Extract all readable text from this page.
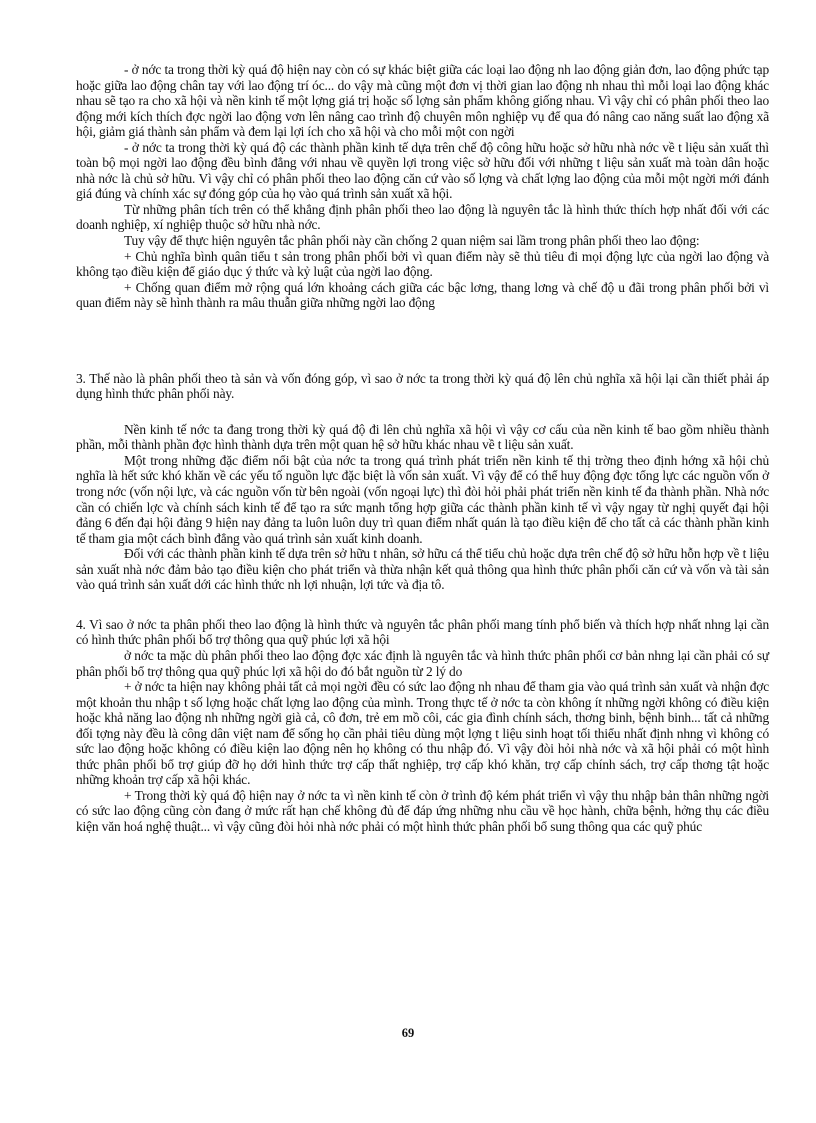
- ở nớc ta trong thời kỳ quá độ hiện nay còn có sự khác biệt giữa các loại lao động nh lao động giản đơn, lao động phức tạp hoặc giữa lao động chân tay với lao động trí óc... do vậy mà cũng một đơn vị thời gian lao động nh nhau thì mỗi loại lao động khác nhau sẽ tạo ra cho xã hội và nền kinh tế một lợng giá trị hoặc số lợng sản phẩm không giống nhau. Vì vậy chỉ có phân phối theo lao động mới kích thích đợc ngời lao động vơn lên nâng cao trình độ chuyên môn nghiệp vụ để qua đó nâng cao năng suất lao động xã hội, giảm giá thành sản phẩm và đem lại lợi ích cho xã hội và cho mỗi một con ngời

- ở nớc ta trong thời kỳ quá độ các thành phần kinh tế dựa trên chế độ công hữu hoặc sở hữu nhà nớc về t liệu sản xuất thì toàn bộ mọi ngời lao động đều bình đẳng với nhau về quyền lợi trong việc sở hữu đối với những t liệu sản xuất mà toàn dân hoặc nhà nớc là chủ sở hữu. Vì vậy chỉ có phân phối theo lao động căn cứ vào số lợng và chất lợng lao động của mỗi một ngời mới đánh giá đúng và chính xác sự đóng góp của họ vào quá trình sản xuất xã hội.

Từ những phân tích trên có thể khẳng định phân phối theo lao động là nguyên tắc là hình thức thích hợp nhất đối với các doanh nghiệp, xí nghiệp thuộc sở hữu nhà nớc.

Tuy vậy để thực hiện nguyên tắc phân phối này cần chống 2 quan niệm sai lầm trong phân phối theo lao động:

+ Chủ nghĩa bình quân tiểu t sản trong phân phối bởi vì quan điểm này sẽ thủ tiêu đi mọi động lực của ngời lao động và không tạo điều kiện để giáo dục ý thức và kỷ luật của ngời lao động.

+ Chống quan điểm mở rộng quá lớn khoảng cách giữa các bậc lơng, thang lơng và chế độ u đãi trong phân phối bởi vì quan điểm này sẽ hình thành ra mâu thuẫn giữa những ngời lao động

3. Thế nào là phân phối theo tà sản và vốn đóng góp, vì sao ở nớc ta trong thời kỳ quá độ lên chủ nghĩa xã hội lại cần thiết phải áp dụng hình thức phân phối này.

Nền kinh tế nớc ta đang trong thời kỳ quá độ đi lên chủ nghĩa xã hội vì vậy cơ cấu của nền kinh tế bao gồm nhiều thành phần, mỗi thành phần đợc hình thành dựa trên một quan hệ sở hữu khác nhau về t liệu sản xuất.

Một trong những đặc điểm nổi bật của nớc ta trong quá trình phát triển nền kinh tế thị trờng theo định hớng xã hội chủ nghĩa là hết sức khó khăn về các yếu tố nguồn lực đặc biệt là vốn sản xuất. Vì vậy để có thể huy động đợc tổng lực các nguồn vốn ở trong nớc (vốn nội lực, và các nguồn vốn từ bên ngoài (vốn ngoại lực) thì đòi hỏi phải phát triển nền kinh tế đa thành phần. Nhà nớc cần có chiến lợc và chính sách kinh tế để tạo ra sức mạnh tổng hợp giữa các thành phần kinh tế vì vậy ngay từ nghị quyết đại hội đảng 6 đến đại hội đảng 9 hiện nay đảng ta luôn luôn duy trì quan điểm nhất quán là tạo điều kiện để cho tất cả các thành phần kinh tế tham gia một cách bình đẳng vào quá trình sản xuất kinh doanh.

Đối với các thành phần kinh tế dựa trên sở hữu t nhân, sở hữu cá thể tiểu chủ hoặc dựa trên chế độ sở hữu hỗn hợp về t liệu sản xuất nhà nớc đảm bảo tạo điều kiện cho phát triển và thừa nhận kết quả thông qua hình thức phân phối căn cứ và vốn và tài sản vào quá trình sản xuất dới các hình thức nh lợi nhuận, lợi tức và địa tô.

4. Vì sao ở nớc ta phân phối theo lao động là hình thức và nguyên tắc phân phối mang tính phổ biến và thích hợp nhất nhng lại cần có hình thức phân phối bổ trợ thông qua quỹ phúc lợi xã hội

ở nớc ta mặc dù phân phối theo lao động đợc xác định là nguyên tắc và hình thức phân phối cơ bản nhng lại cần phải có sự phân phối bổ trợ thông qua quỹ phúc lợi xã hội do đó bắt nguồn từ 2 lý do

+ ở nớc ta hiện nay không phải tất cả mọi ngời đều có sức lao động nh nhau để tham gia vào quá trình sản xuất và nhận đợc một khoản thu nhập t số lợng hoặc chất lợng lao động của mình. Trong thực tế ở nớc ta còn không ít những ngời không có điều kiện hoặc khả năng lao động nh những ngời già cả, cô đơn, trẻ em mồ côi, các gia đình chính sách, thơng binh, bệnh binh... tất cả những đối tợng này đều là công dân việt nam để sống họ cần phải tiêu dùng một lợng t liệu sinh hoạt tối thiểu nhất định nhng vì không có sức lao động hoặc không có điều kiện lao động nên họ không có thu nhập đó. Vì vậy đòi hỏi nhà nớc và xã hội phải có một hình thức phân phối bổ trợ giúp đỡ họ dới hình thức trợ cấp thất nghiệp, trợ cấp khó khăn, trợ cấp chính sách, trợ cấp thơng tật hoặc những khoản trợ cấp xã hội khác.

+ Trong thời kỳ quá độ hiện nay ở nớc ta vì nền kinh tế còn ở trình độ kém phát triển vì vậy thu nhập bản thân những ngời có sức lao động cũng còn đang ở mức rất hạn chế không đủ để đáp ứng những nhu cầu về học hành, chữa bệnh, hởng thụ các điều kiện văn hoá nghệ thuật... vì vậy cũng đòi hỏi nhà nớc phải có một hình thức phân phối bổ sung thông qua các quỹ phúc

69
